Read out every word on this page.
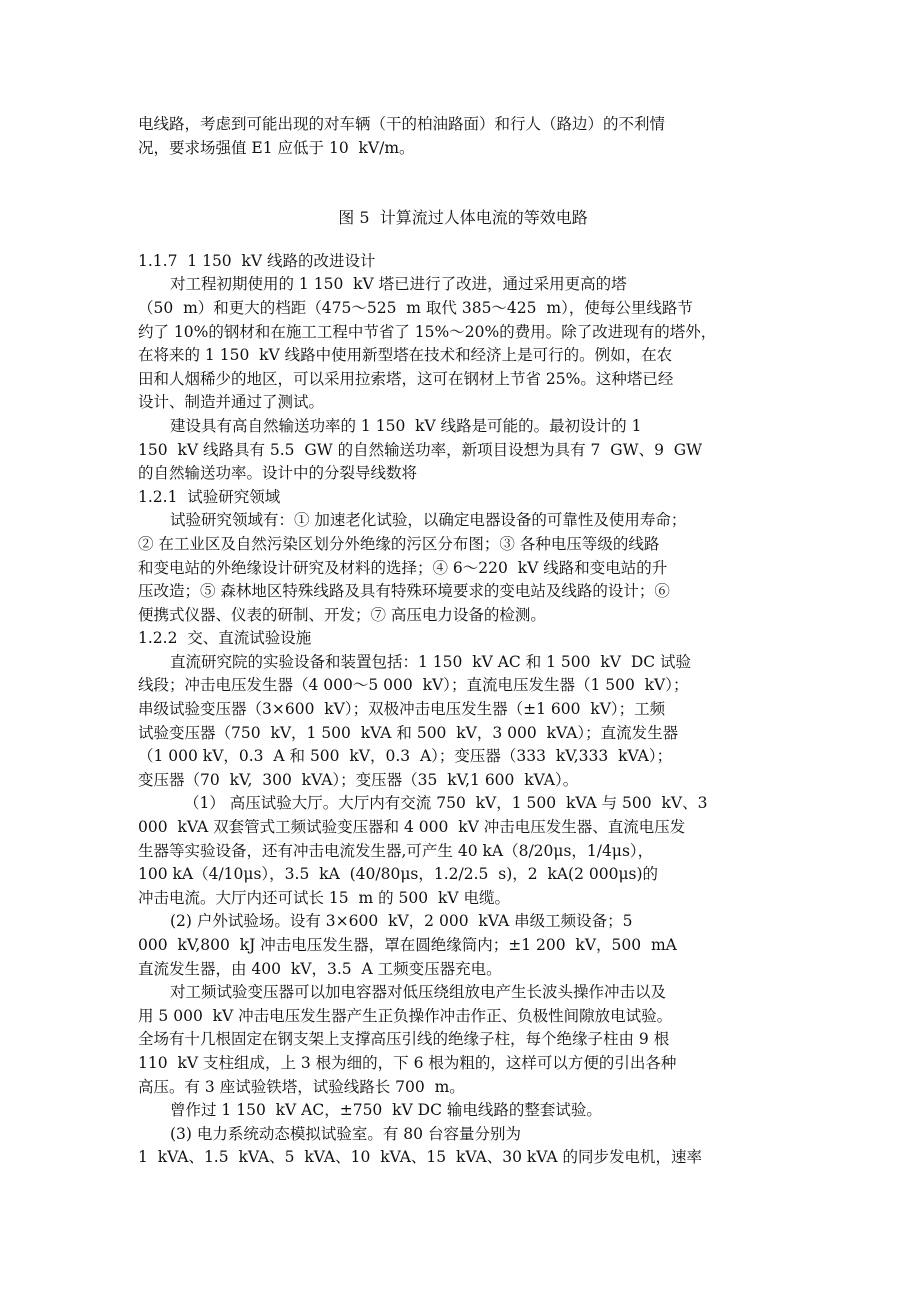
电线路，考虑到可能出现的对车辆（干的柏油路面）和行人（路边）的不利情

况，要求场强值 E1 应低于 10  kV/m。

图 5  计算流过人体电流的等效电路

1.1.7  1 150  kV 线路的改进设计

对工程初期使用的 1 150  kV 塔已进行了改进，通过采用更高的塔

（50  m）和更大的档距（475～525  m 取代 385～425  m），使每公里线路节

约了 10%的钢材和在施工工程中节省了 15%～20%的费用。除了改进现有的塔外，

在将来的 1 150  kV 线路中使用新型塔在技术和经济上是可行的。例如，在农

田和人烟稀少的地区，可以采用拉索塔，这可在钢材上节省 25%。这种塔已经

设计、制造并通过了测试。

建设具有高自然输送功率的 1 150  kV 线路是可能的。最初设计的 1

150  kV 线路具有 5.5  GW 的自然输送功率，新项目设想为具有 7  GW、9  GW

的自然输送功率。设计中的分裂导线数将

1.2.1  试验研究领域

试验研究领域有：① 加速老化试验，以确定电器设备的可靠性及使用寿命；

② 在工业区及自然污染区划分外绝缘的污区分布图；③ 各种电压等级的线路

和变电站的外绝缘设计研究及材料的选择；④ 6～220  kV 线路和变电站的升

压改造；⑤ 森林地区特殊线路及具有特殊环境要求的变电站及线路的设计；⑥

便携式仪器、仪表的研制、开发；⑦ 高压电力设备的检测。

1.2.2  交、直流试验设施

直流研究院的实验设备和装置包括：1 150  kV AC 和 1 500  kV  DC 试验

线段；冲击电压发生器（4 000～5 000  kV）；直流电压发生器（1 500  kV）；

串级试验变压器（3×600  kV）；双极冲击电压发生器（±1 600  kV）；工频

试验变压器（750  kV，1 500  kVA 和 500  kV，3 000  kVA）；直流发生器

（1 000 kV，0.3  A 和 500  kV，0.3  A）；变压器（333  kV,333  kVA）；

变压器（70  kV,  300  kVA）；变压器（35  kV,1 600  kVA）。

（1） 高压试验大厅。大厅内有交流 750  kV，1 500  kVA 与 500  kV、3

000  kVA 双套管式工频试验变压器和 4 000  kV 冲击电压发生器、直流电压发

生器等实验设备，还有冲击电流发生器,可产生 40 kA（8/20μs，1/4μs），

100 kA（4/10μs），3.5  kA  (40/80μs，1.2/2.5  s)，2  kA(2 000μs)的

冲击电流。大厅内还可试长 15  m 的 500  kV 电缆。

(2) 户外试验场。设有 3×600  kV，2 000  kVA 串级工频设备；5

000  kV,800  kJ 冲击电压发生器，罩在圆绝缘筒内；±1 200  kV，500  mA

直流发生器，由 400  kV，3.5  A 工频变压器充电。

对工频试验变压器可以加电容器对低压绕组放电产生长波头操作冲击以及

用 5 000  kV 冲击电压发生器产生正负操作冲击作正、负极性间隙放电试验。

全场有十几根固定在钢支架上支撑高压引线的绝缘子柱，每个绝缘子柱由 9 根

110  kV 支柱组成，上 3 根为细的，下 6 根为粗的，这样可以方便的引出各种

高压。有 3 座试验铁塔，试验线路长 700  m。

曾作过 1 150  kV AC，±750  kV DC 输电线路的整套试验。

(3) 电力系统动态模拟试验室。有 80 台容量分别为

1  kVA、1.5  kVA、5  kVA、10  kVA、15  kVA、30 kVA 的同步发电机，速率
